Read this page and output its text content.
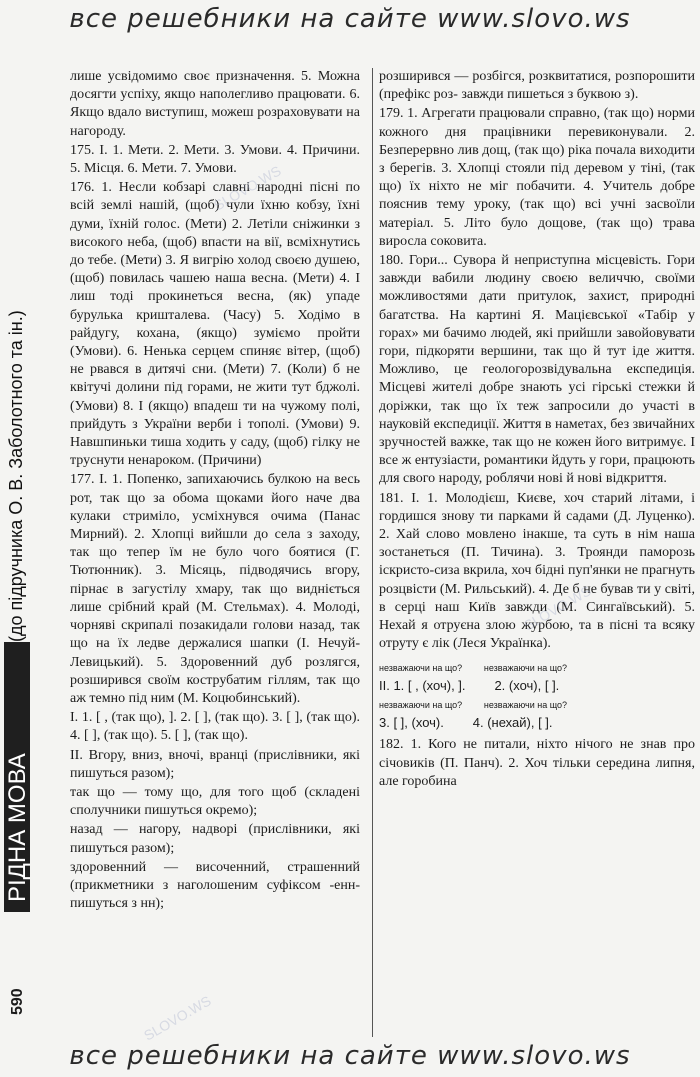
все решебники на сайте www.slovo.ws
(до підручника О. В. Заболотного та ін.)
РІДНА МОВА
590

лише усвідомимо своє призначення. 5. Можна досягти успіху, якщо наполегливо працювати. 6. Якщо вдало виступиш, можеш розраховувати на нагороду.

175. І. 1. Мети. 2. Мети. 3. Умови. 4. Причини. 5. Місця. 6. Мети. 7. Умови.

176. 1. Несли кобзарі славні народні пісні по всій землі нашій, (щоб) чули їхню кобзу, їхні думи, їхній голос. (Мети) 2. Летіли сніжинки з високого неба, (щоб) впасти на вії, всміхнутись до тебе. (Мети) 3. Я вигрію холод своєю душею, (щоб) повилась чашею наша весна. (Мети) 4. І лиш тоді прокинеться весна, (як) упаде бурулька кришталева. (Часу) 5. Ходімо в райдугу, кохана, (якщо) зуміємо пройти (Умови). 6. Ненька серцем спиняє вітер, (щоб) не рвався в дитячі сни. (Мети) 7. (Коли) б не квітучі долини під горами, не жити тут бджолі. (Умови) 8. І (якщо) впадеш ти на чужому полі, прийдуть з України верби і тополі. (Умови) 9. Навшпиньки тиша ходить у саду, (щоб) гілку не труснути ненароком. (Причини)

177. І. 1. Попенко, запихаючись булкою на весь рот, так що за обома щоками його наче два кулаки стриміло, усміхнувся очима (Панас Мирний). 2. Хлопці вийшли до села з заходу, так що тепер їм не було чого боятися (Г. Тютюнник). 3. Місяць, підводячись вгору, пірнає в загустілу хмару, так що видніється лише срібний край (М. Стельмах). 4. Молоді, чорняві скрипалі позакидали голови назад, так що на їх ледве держалися шапки (І. Нечуй-Левицький). 5. Здоровенний дуб розлягся, розширився своїм кострубатим гіллям, так що аж темно під ним (М. Коцюбинський).

І. 1. [ , (так що), ]. 2. [ ], (так що). 3. [ ], (так що). 4. [ ], (так що). 5. [ ], (так що).

ІІ. Вгору, вниз, вночі, вранці (прислівники, які пишуться разом);

так що — тому що, для того щоб (складені сполучники пишуться окремо);

назад — нагору, надворі (прислівники, які пишуться разом);

здоровенний — височенний, страшенний (прикметники з наголошеним суфіксом -енн- пишуться з нн);

розширився — розбігся, розквитатися, розпорошити (префікс роз- завжди пишеться з буквою з).

179. 1. Агрегати працювали справно, (так що) норми кожного дня працівники перевиконували. 2. Безперервно лив дощ, (так що) ріка почала виходити з берегів. 3. Хлопці стояли під деревом у тіні, (так що) їх ніхто не міг побачити. 4. Учитель добре пояснив тему уроку, (так що) всі учні засвоїли матеріал. 5. Літо було дощове, (так що) трава виросла соковита.

180. Гори... Сувора й неприступна місцевість. Гори завжди вабили людину своєю величчю, своїми можливостями дати притулок, захист, природні багатства. На картині Я. Мацієвської «Табір у горах» ми бачимо людей, які прийшли завойовувати гори, підкоряти вершини, так що й тут іде життя. Можливо, це геологорозвідувальна експедиція. Місцеві жителі добре знають усі гірські стежки й доріжки, так що їх теж запросили до участі в науковій експедиції. Життя в наметах, без звичайних зручностей важке, так що не кожен його витримує. І все ж ентузіасти, романтики йдуть у гори, працюють для свого народу, роблячи нові й нові відкриття.

181. І. 1. Молодієш, Києве, хоч старий літами, і гордишся знову ти парками й садами (Д. Луценко). 2. Хай слово мовлено інакше, та суть в нім наша зостанеться (П. Тичина). 3. Троянди паморозь іскристо-сиза вкрила, хоч бідні пуп'янки не прагнуть розцвісти (М. Рильський). 4. Де б не бував ти у світі, в серці наш Київ завжди (М. Сингаївський). 5. Нехай я отруєна злою журбою, та в пісні та всяку отруту є лік (Леся Українка).

незважаючи на що? незважаючи на що?
ІІ. 1. [ , (хоч), ]. 2. (хоч), [ ].
незважаючи на що? незважаючи на що?
3. [ ], (хоч). 4. (нехай), [ ].

182. 1. Кого не питали, ніхто нічого не знав про січовиків (П. Панч). 2. Хоч тільки середина липня, але горобина

SLOVO.WS
SLOVO.WS
SLOVO.WS
все решебники на сайте www.slovo.ws
